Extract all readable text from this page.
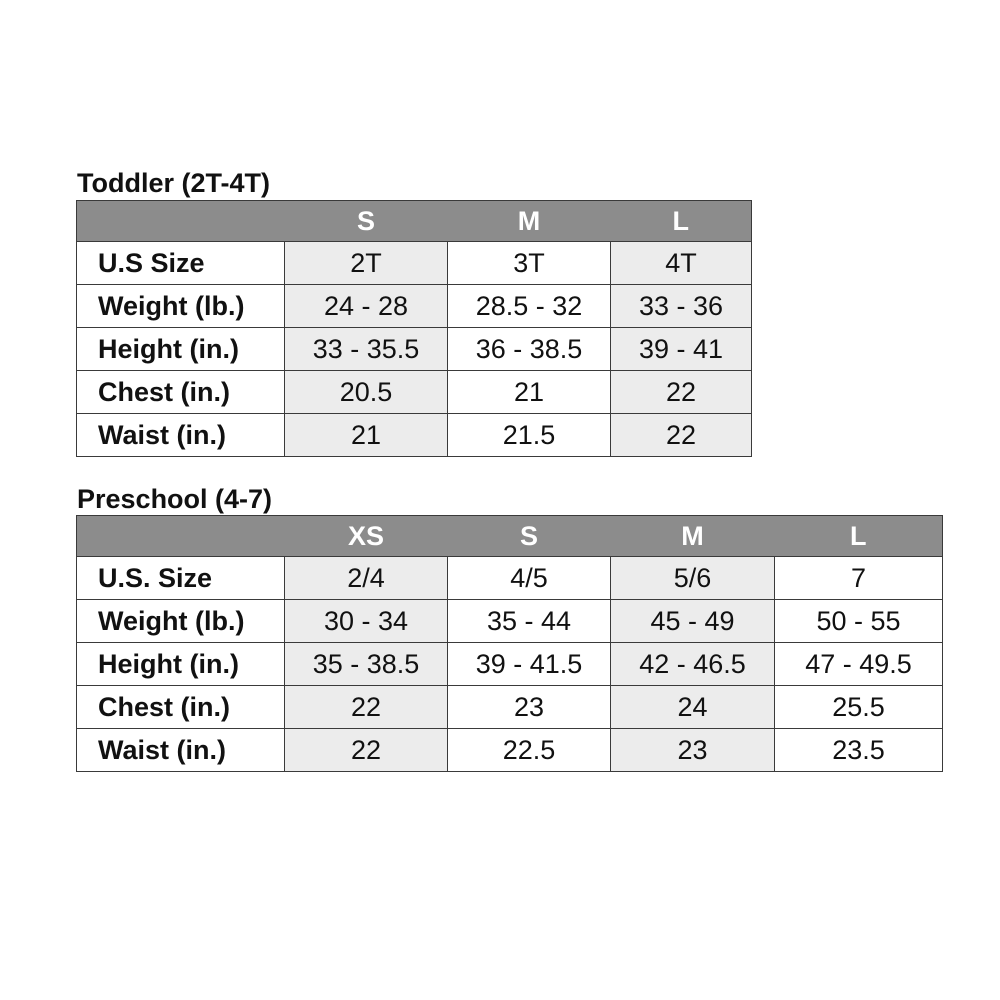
Toddler (2T-4T)
	S	M	L
U.S Size	2T	3T	4T
Weight (lb.)	24 - 28	28.5 - 32	33 - 36
Height (in.)	33 - 35.5	36 - 38.5	39 - 41
Chest (in.)	20.5	21	22
Waist (in.)	21	21.5	22
Preschool (4-7)
	XS	S	M	L
U.S. Size	2/4	4/5	5/6	7
Weight (lb.)	30 - 34	35 - 44	45 - 49	50 - 55
Height (in.)	35 - 38.5	39 - 41.5	42 - 46.5	47 - 49.5
Chest (in.)	22	23	24	25.5
Waist (in.)	22	22.5	23	23.5
